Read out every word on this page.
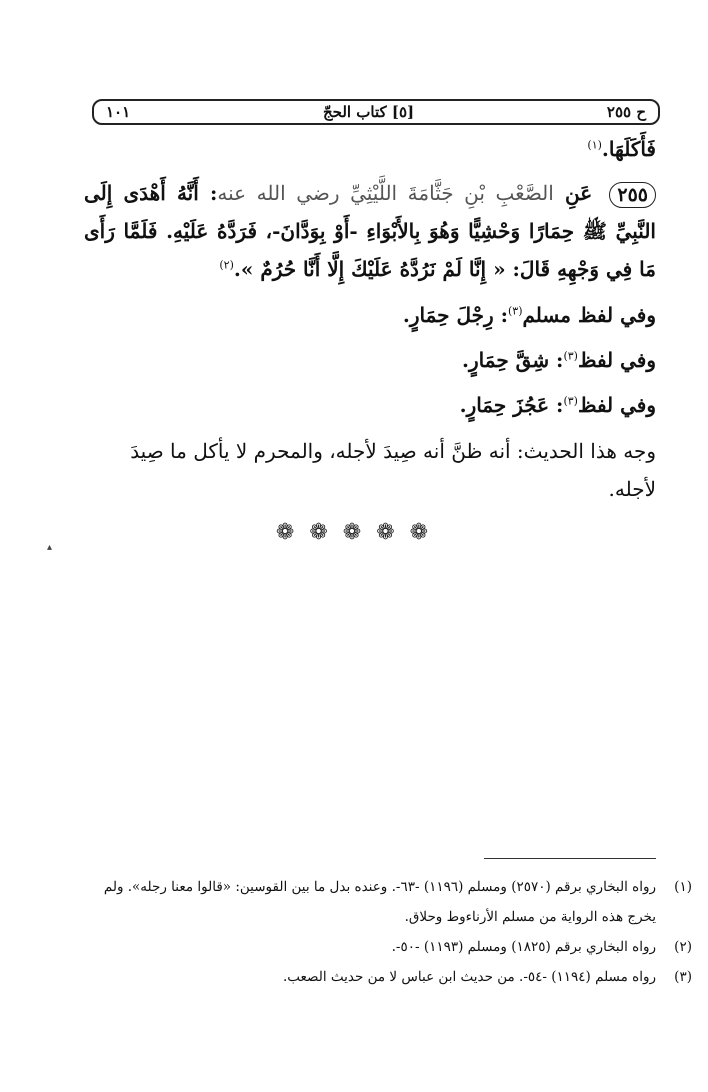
ح ٢٥٥
[٥] كتاب الحجّ
١٠١
فَأَكَلَهَا.$^{(١)}$
٢٥٥ عَنِ الصَّعْبِ بْنِ جَثَّامَةَ اللَّيْثِيِّ رضي الله عنه: أَنَّهُ أَهْدَى إِلَى النَّبِيِّ ﷺ حِمَارًا وَحْشِيًّا وَهُوَ بِالأَبْوَاءِ -أَوْ بِوَدَّانَ-، فَرَدَّهُ عَلَيْهِ. فَلَمَّا رَأَى مَا فِي وَجْهِهِ قَالَ: « إِنَّا لَمْ نَرُدَّهُ عَلَيْكَ إِلَّا أَنَّا حُرُمٌ ».$^{(٢)}$
وفي لفظ مسلم$^{(٣)}$: رِجْلَ حِمَارٍ.
وفي لفظ$^{(٣)}$: شِقَّ حِمَارٍ.
وفي لفظ$^{(٣)}$: عَجُزَ حِمَارٍ.
وجه هذا الحديث: أنه ظنَّ أنه صِيدَ لأجله، والمحرم لا يأكل ما صِيدَ لأجله.
❁ ❁ ❁ ❁ ❁
▴
(١)
رواه البخاري برقم (٢٥٧٠) ومسلم (١١٩٦) -٦٣-. وعنده بدل ما بين القوسين: «قالوا معنا رجله». ولم يخرج هذه الرواية من مسلم الأرناءوط وحلاق.
(٢)
رواه البخاري برقم (١٨٢٥) ومسلم (١١٩٣) -٥٠-.
(٣)
رواه مسلم (١١٩٤) -٥٤-. من حديث ابن عباس لا من حديث الصعب.
